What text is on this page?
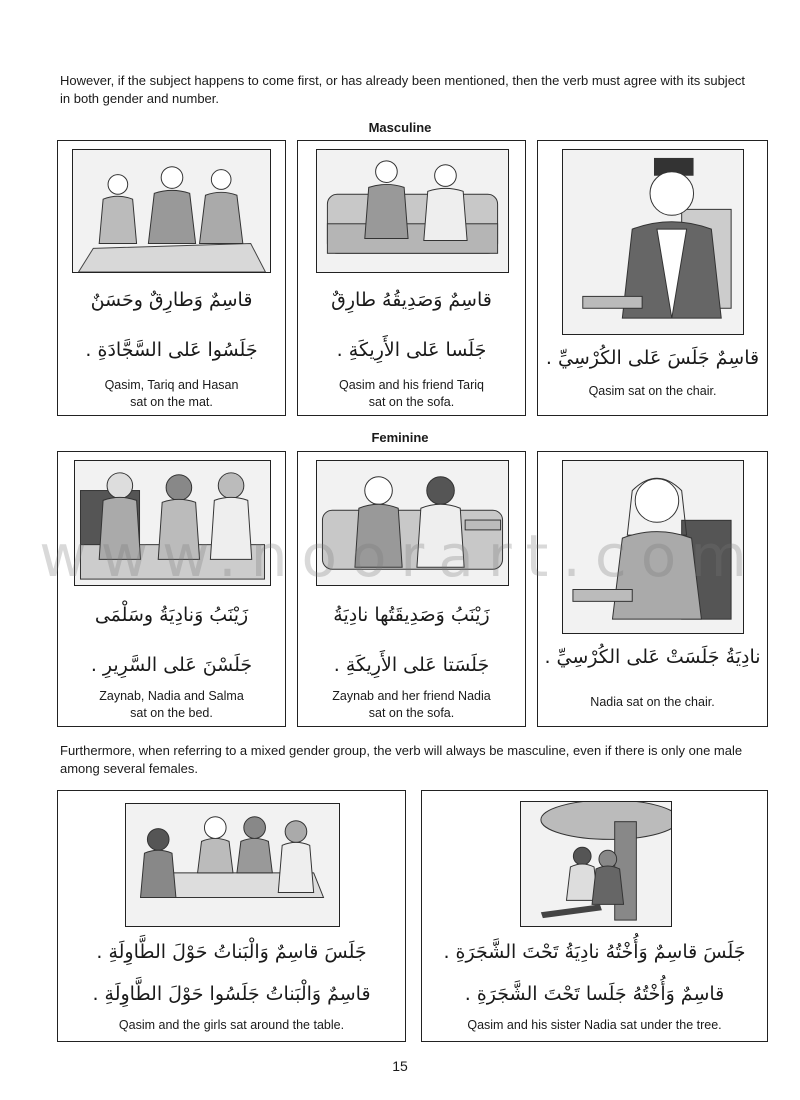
However, if the subject happens to come first, or has already been mentioned, then the verb must agree with its subject in both gender and number.
Masculine
قاسِمٌ وَطارِقٌ وحَسَنٌ
جَلَسُوا عَلى السَّجَّادَةِ .
Qasim, Tariq and Hasan
sat on the mat.
قاسِمٌ وَصَدِيقُهُ طارِقٌ
جَلَسا عَلى الأَرِيكَةِ .
Qasim and his friend Tariq
sat on the sofa.
قاسِمٌ جَلَسَ عَلى الكُرْسِيِّ .
Qasim sat on the chair.
Feminine
زَيْنَبُ وَنادِيَةُ وسَلْمَى
جَلَسْنَ عَلى السَّرِيرِ .
Zaynab, Nadia and Salma
sat on the bed.
زَيْنَبُ وَصَدِيقَتُها نادِيَةُ
جَلَسَتا عَلى الأَرِيكَةِ .
Zaynab and her friend Nadia
sat on the sofa.
نادِيَةُ جَلَسَتْ عَلى الكُرْسِيِّ .
Nadia sat on the chair.
Furthermore, when referring to a mixed gender group, the verb will always be masculine, even if there is only one male among several females.
جَلَسَ قاسِمٌ وَالْبَناتُ حَوْلَ الطَّاوِلَةِ .
قاسِمٌ وَالْبَناتُ جَلَسُوا حَوْلَ الطَّاوِلَةِ .
Qasim and the girls sat around the table.
جَلَسَ قاسِمٌ وَأُخْتُهُ نادِيَةُ تَحْتَ الشَّجَرَةِ .
قاسِمٌ وَأُخْتُهُ جَلَسا تَحْتَ الشَّجَرَةِ .
Qasim and his sister Nadia sat under the tree.
www.noorart.com
15
